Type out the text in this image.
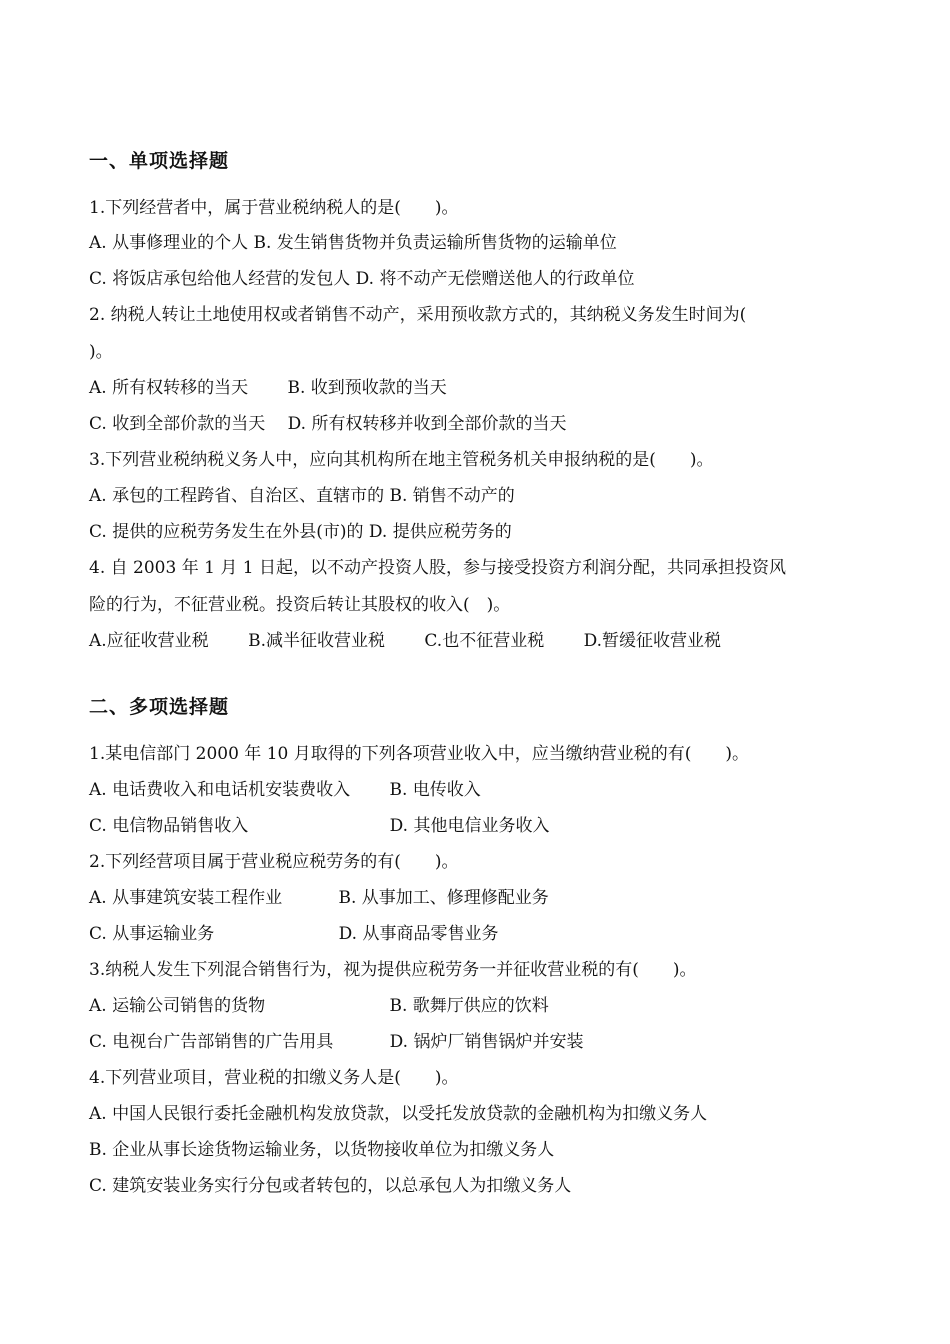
一、单项选择题
1.下列经营者中，属于营业税纳税人的是(　　)。
A. 从事修理业的个人 B. 发生销售货物并负责运输所售货物的运输单位
C. 将饭店承包给他人经营的发包人 D. 将不动产无偿赠送他人的行政单位
2. 纳税人转让土地使用权或者销售不动产，采用预收款方式的，其纳税义务发生时间为(
)。
A. 所有权转移的当天　　 B. 收到预收款的当天
C. 收到全部价款的当天　 D. 所有权转移并收到全部价款的当天
3.下列营业税纳税义务人中，应向其机构所在地主管税务机关申报纳税的是(　　)。
A. 承包的工程跨省、自治区、直辖市的 B. 销售不动产的
C. 提供的应税劳务发生在外县(市)的 D. 提供应税劳务的
4. 自 2003 年 1 月 1 日起，以不动产投资人股，参与接受投资方利润分配，共同承担投资风
险的行为，不征营业税。投资后转让其股权的收入(　)。
A.应征收营业税　　 B.减半征收营业税　　 C.也不征营业税　　 D.暂缓征收营业税
二、多项选择题
1.某电信部门 2000 年 10 月取得的下列各项营业收入中，应当缴纳营业税的有(　　)。
A. 电话费收入和电话机安装费收入　　 B. 电传收入
C. 电信物品销售收入　　　　　　　　 D. 其他电信业务收入
2.下列经营项目属于营业税应税劳务的有(　　)。
A. 从事建筑安装工程作业　　　 B. 从事加工、修理修配业务
C. 从事运输业务　　　　　　　 D. 从事商品零售业务
3.纳税人发生下列混合销售行为，视为提供应税劳务一并征收营业税的有(　　)。
A. 运输公司销售的货物　　　　　　　 B. 歌舞厅供应的饮料
C. 电视台广告部销售的广告用具　　　 D. 锅炉厂销售锅炉并安装
4.下列营业项目，营业税的扣缴义务人是(　　)。
A. 中国人民银行委托金融机构发放贷款，以受托发放贷款的金融机构为扣缴义务人
B. 企业从事长途货物运输业务，以货物接收单位为扣缴义务人
C. 建筑安装业务实行分包或者转包的，以总承包人为扣缴义务人
